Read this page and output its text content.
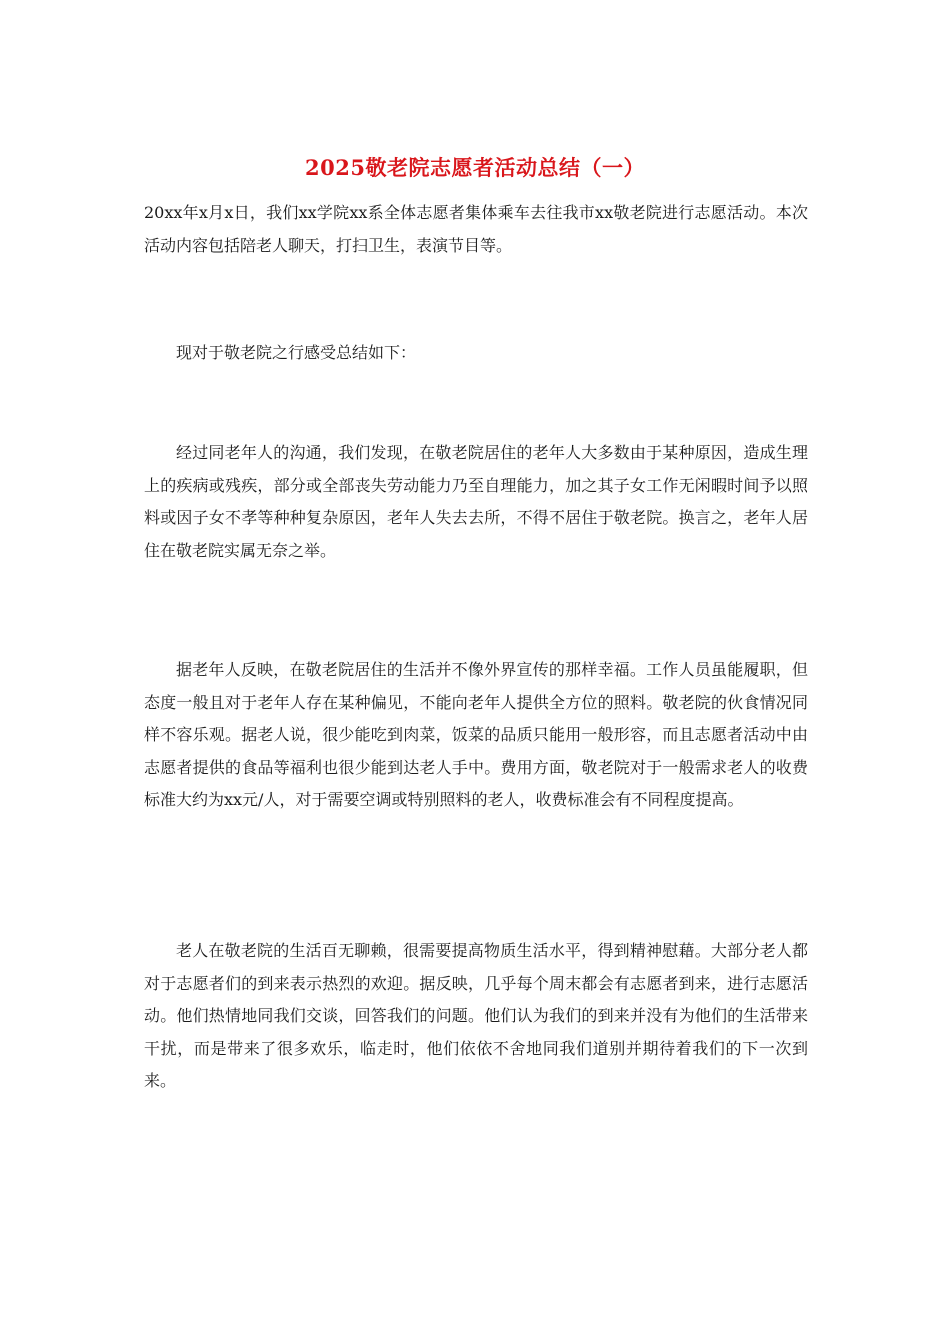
2025敬老院志愿者活动总结（一）

20xx年x月x日，我们xx学院xx系全体志愿者集体乘车去往我市xx敬老院进行志愿活动。本次活动内容包括陪老人聊天，打扫卫生，表演节目等。

现对于敬老院之行感受总结如下：

经过同老年人的沟通，我们发现，在敬老院居住的老年人大多数由于某种原因，造成生理上的疾病或残疾，部分或全部丧失劳动能力乃至自理能力，加之其子女工作无闲暇时间予以照料或因子女不孝等种种复杂原因，老年人失去去所，不得不居住于敬老院。换言之，老年人居住在敬老院实属无奈之举。

据老年人反映，在敬老院居住的生活并不像外界宣传的那样幸福。工作人员虽能履职，但态度一般且对于老年人存在某种偏见，不能向老年人提供全方位的照料。敬老院的伙食情况同样不容乐观。据老人说，很少能吃到肉菜，饭菜的品质只能用一般形容，而且志愿者活动中由志愿者提供的食品等福利也很少能到达老人手中。费用方面，敬老院对于一般需求老人的收费标准大约为xx元/人，对于需要空调或特别照料的老人，收费标准会有不同程度提高。

老人在敬老院的生活百无聊赖，很需要提高物质生活水平，得到精神慰藉。大部分老人都对于志愿者们的到来表示热烈的欢迎。据反映，几乎每个周末都会有志愿者到来，进行志愿活动。他们热情地同我们交谈，回答我们的问题。他们认为我们的到来并没有为他们的生活带来干扰，而是带来了很多欢乐，临走时，他们依依不舍地同我们道别并期待着我们的下一次到来。
